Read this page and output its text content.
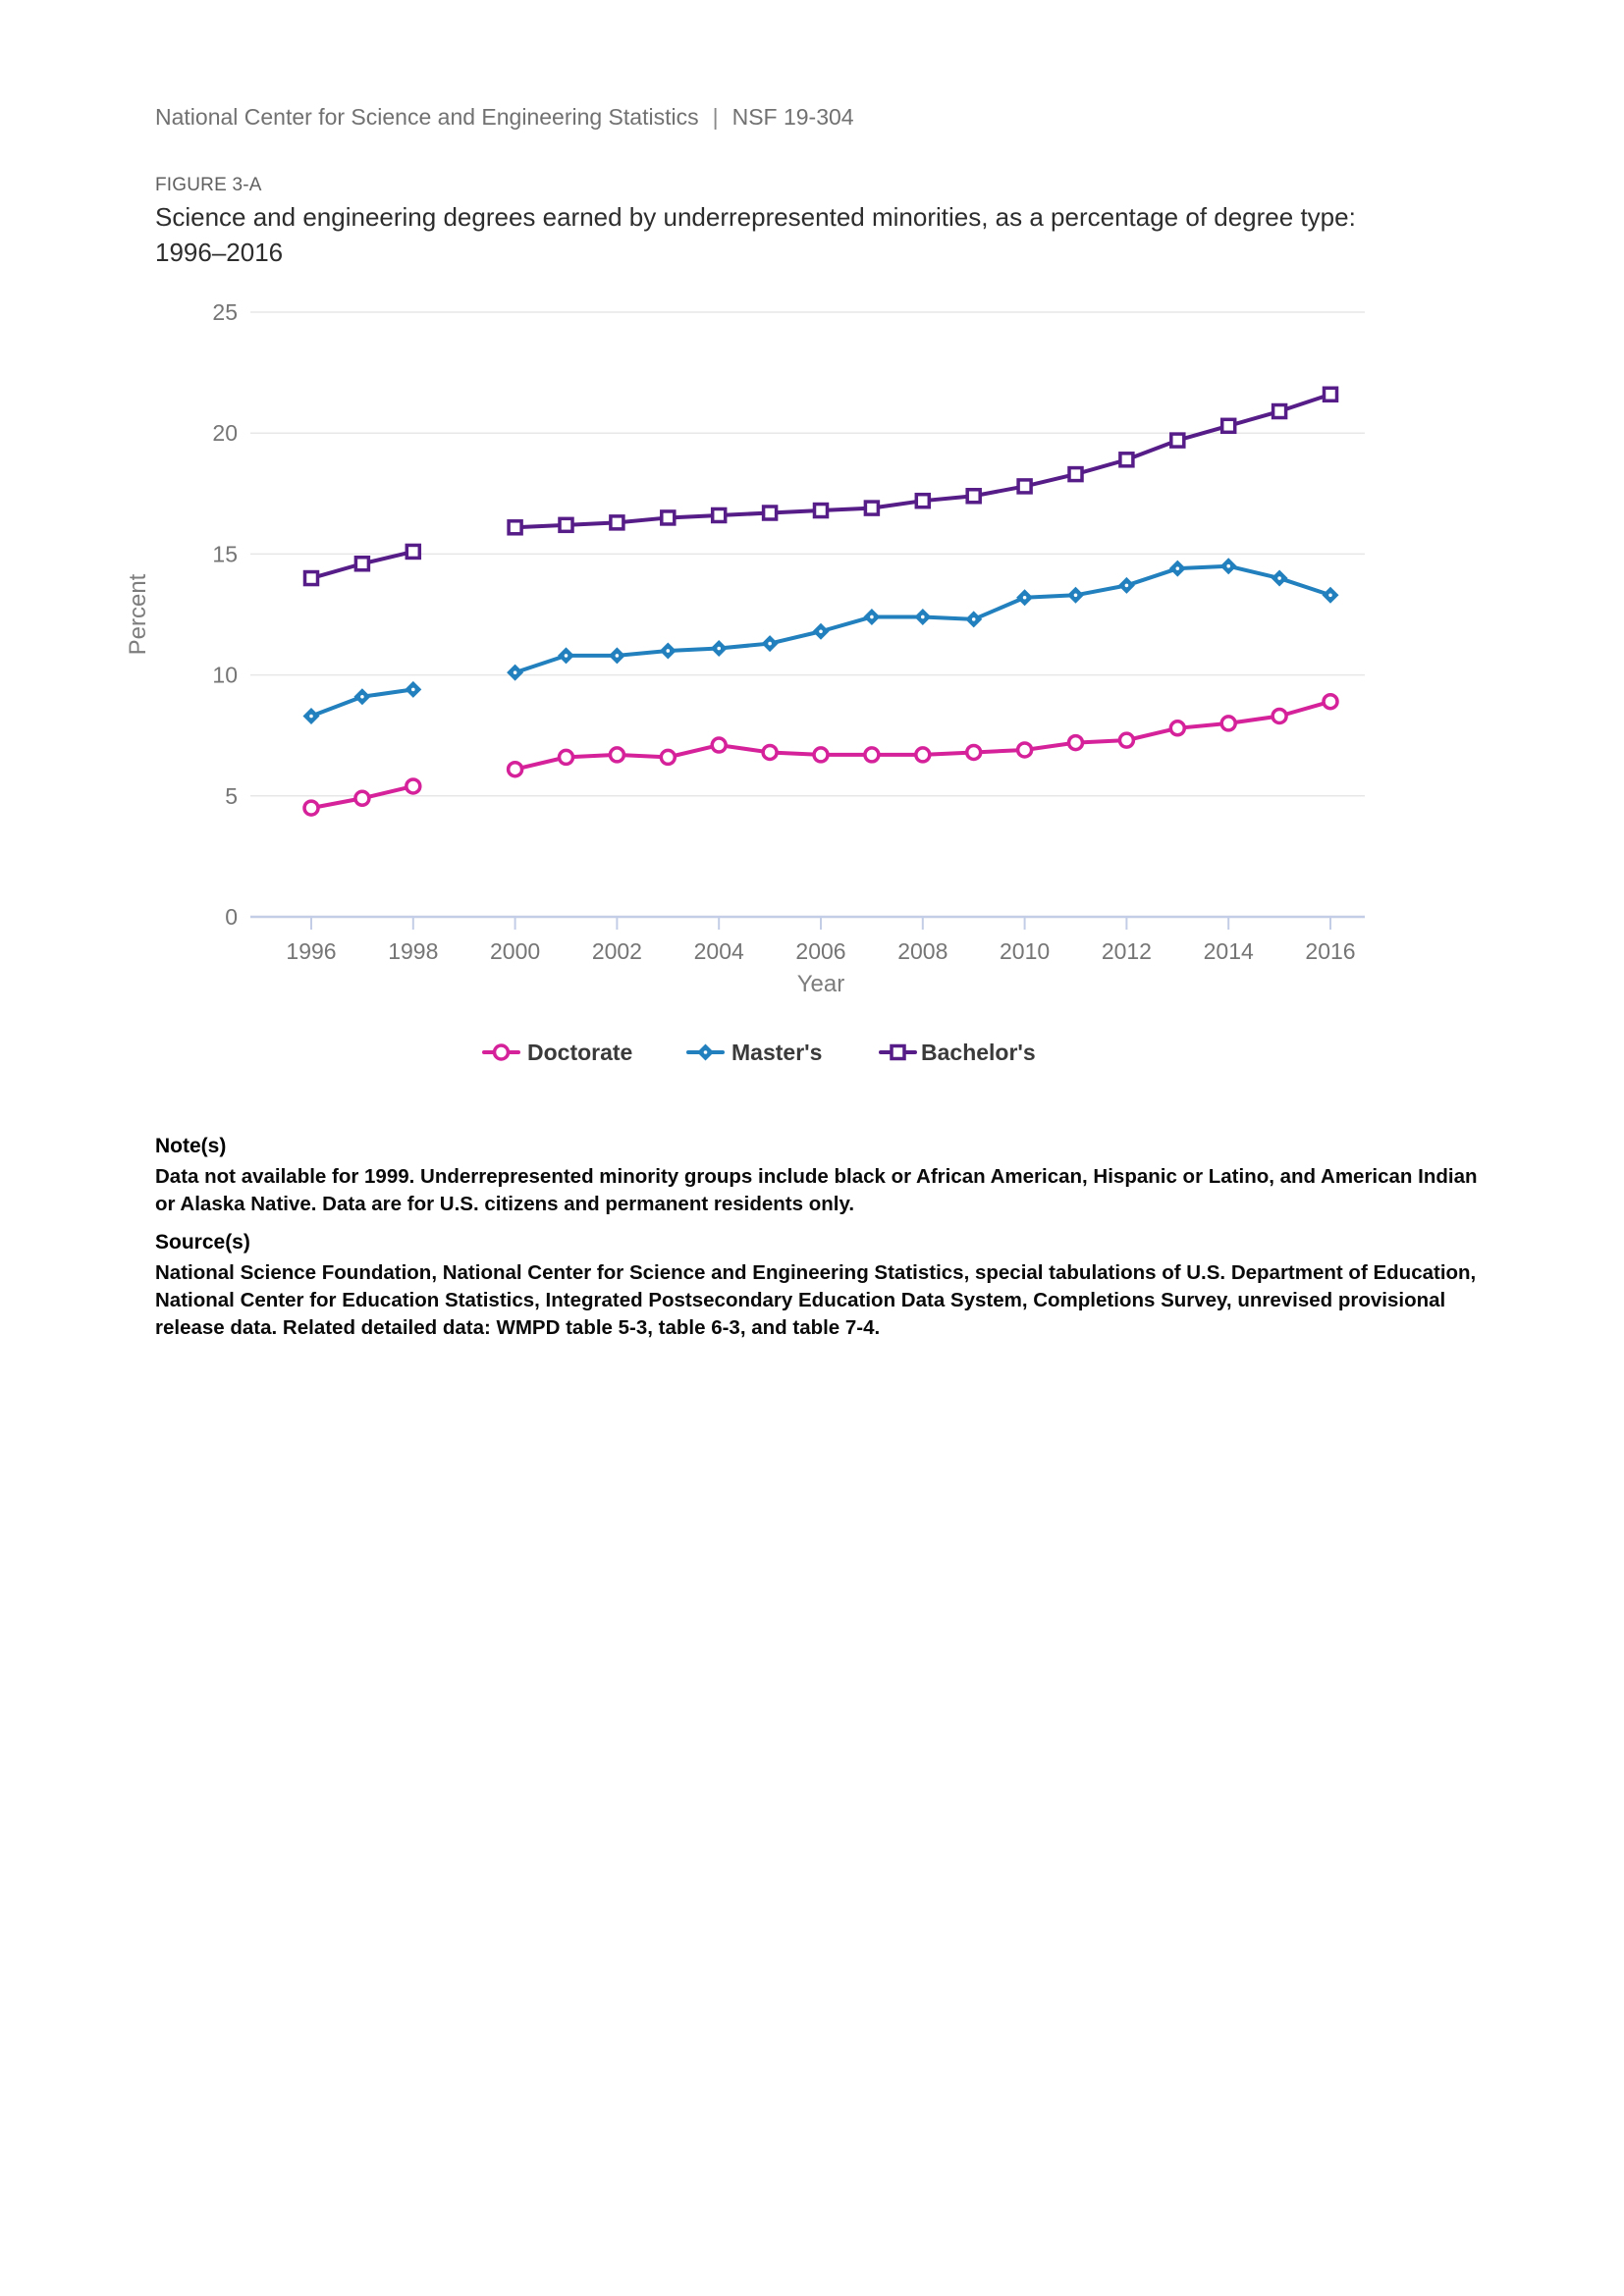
National Center for Science and Engineering Statistics | NSF 19-304
FIGURE 3-A
Science and engineering degrees earned by underrepresented minorities, as a percentage of degree type:
1996–2016
0
5
10
15
20
25
1996 1998 2000 2002 2004 2006 2008 2010 2012 2014 2016
Percent
Year
Doctorate	Master's	Bachelor's
Note(s)

Data not available for 1999. Underrepresented minority groups include black or African American, Hispanic or Latino, and American Indian or Alaska Native. Data are for U.S. citizens and permanent residents only.

Source(s)

National Science Foundation, National Center for Science and Engineering Statistics, special tabulations of U.S. Department of Education, National Center for Education Statistics, Integrated Postsecondary Education Data System, Completions Survey, unrevised provisional release data. Related detailed data: WMPD table 5-3, table 6-3, and table 7-4.
